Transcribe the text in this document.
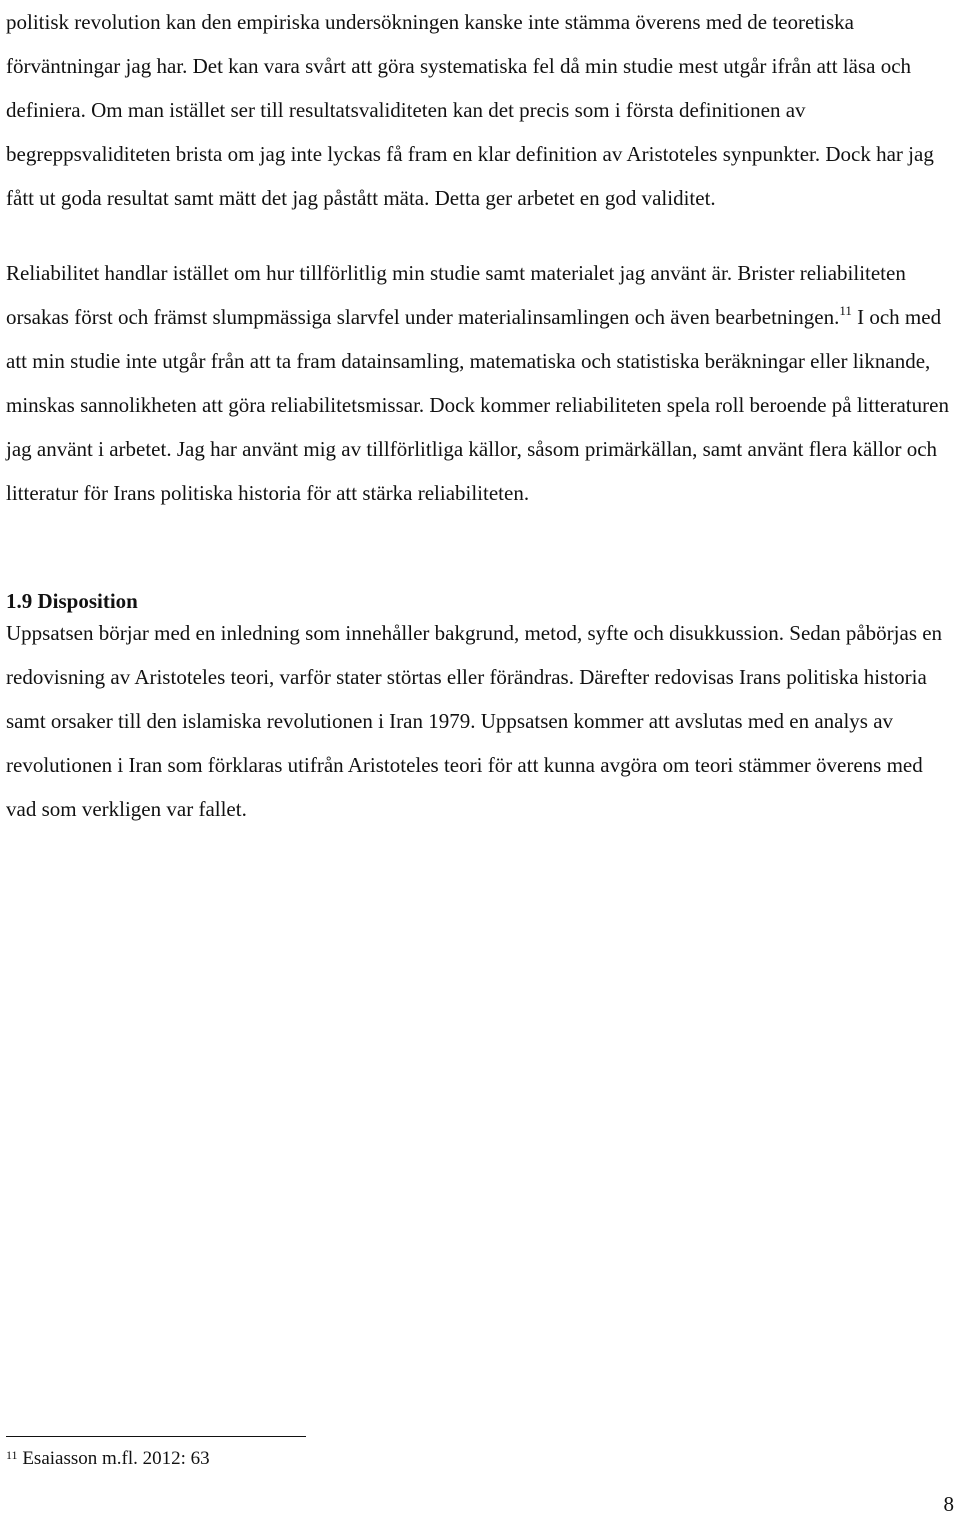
politisk revolution kan den empiriska undersökningen kanske inte stämma överens med de teoretiska förväntningar jag har. Det kan vara svårt att göra systematiska fel då min studie mest utgår ifrån att läsa och definiera. Om man istället ser till resultatsvaliditeten kan det precis som i första definitionen av begreppsvaliditeten brista om jag inte lyckas få fram en klar definition av Aristoteles synpunkter. Dock har jag fått ut goda resultat samt mätt det jag påstått mäta. Detta ger arbetet en god validitet.
Reliabilitet handlar istället om hur tillförlitlig min studie samt materialet jag använt är. Brister reliabiliteten orsakas först och främst slumpmässiga slarvfel under materialinsamlingen och även bearbetningen.$^{11}$ I och med att min studie inte utgår från att ta fram datainsamling, matematiska och statistiska beräkningar eller liknande, minskas sannolikheten att göra reliabilitetsmissar. Dock kommer reliabiliteten spela roll beroende på litteraturen jag använt i arbetet. Jag har använt mig av tillförlitliga källor, såsom primärkällan, samt använt flera källor och litteratur för Irans politiska historia för att stärka reliabiliteten.
1.9 Disposition
Uppsatsen börjar med en inledning som innehåller bakgrund, metod, syfte och disukkussion. Sedan påbörjas en redovisning av Aristoteles teori, varför stater störtas eller förändras. Därefter redovisas Irans politiska historia samt orsaker till den islamiska revolutionen i Iran 1979. Uppsatsen kommer att avslutas med en analys av revolutionen i Iran som förklaras utifrån Aristoteles teori för att kunna avgöra om teori stämmer överens med vad som verkligen var fallet.
$^{11}$ Esaiasson m.fl. 2012: 63
8
